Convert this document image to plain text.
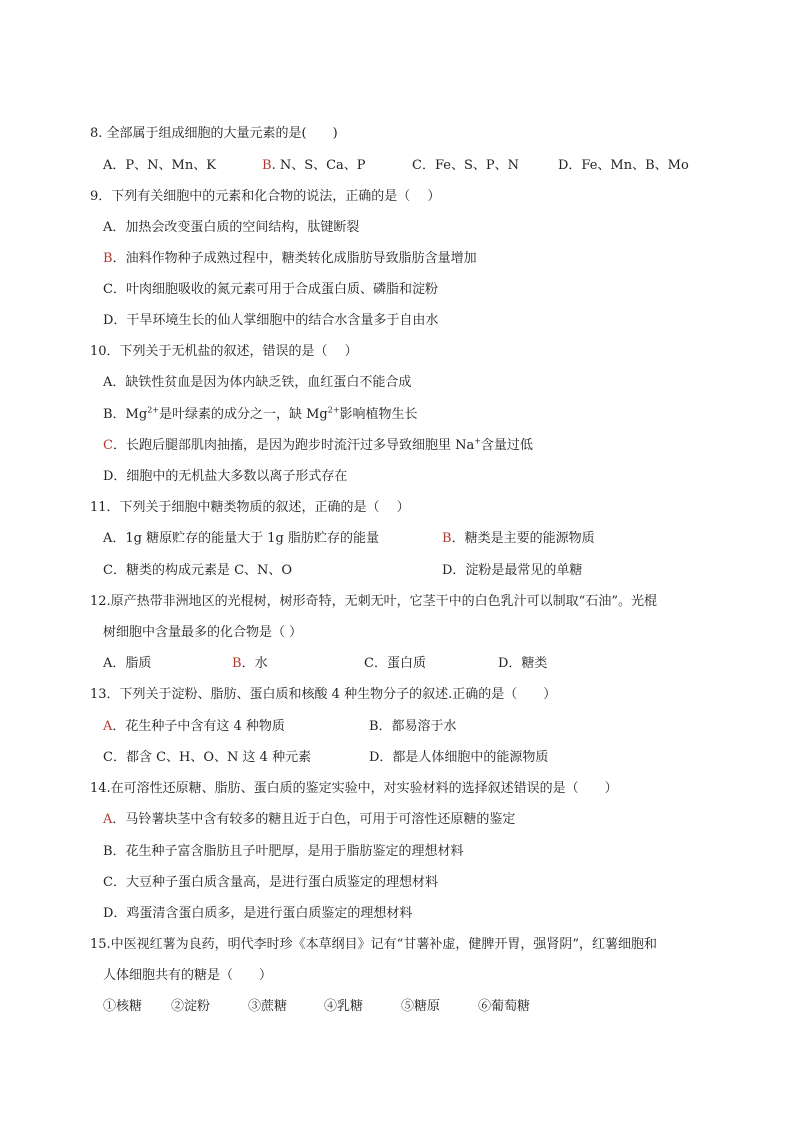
8. 全部属于组成细胞的大量元素的是(　　)
A．P、N、Mn、K	B. N、S、Ca、P	C．Fe、S、P、N	D．Fe、Mn、B、Mo
9．下列有关细胞中的元素和化合物的说法，正确的是（　 ）
A．加热会改变蛋白质的空间结构，肽键断裂
B．油料作物种子成熟过程中，糖类转化成脂肪导致脂肪含量增加
C．叶肉细胞吸收的氮元素可用于合成蛋白质、磷脂和淀粉
D．干旱环境生长的仙人掌细胞中的结合水含量多于自由水
10．下列关于无机盐的叙述，错误的是（　 ）
A．缺铁性贫血是因为体内缺乏铁，血红蛋白不能合成
B．$Mg^{2+}$是叶绿素的成分之一，缺 $Mg^{2+}$影响植物生长
C．长跑后腿部肌肉抽搐，是因为跑步时流汗过多导致细胞里 Na+含量过低
D．细胞中的无机盐大多数以离子形式存在
11．下列关于细胞中糖类物质的叙述，正确的是（　 ）
A．1g 糖原贮存的能量大于 1g 脂肪贮存的能量	B．糖类是主要的能源物质
C．糖类的构成元素是 C、N、O	D．淀粉是最常见的单糖
12.原产热带非洲地区的光棍树，树形奇特，无刺无叶，它茎干中的白色乳汁可以制取“石油”。光棍
树细胞中含量最多的化合物是（ ）
A．脂质	B．水	C．蛋白质	D．糖类
13．下列关于淀粉、脂肪、蛋白质和核酸 4 种生物分子的叙述.正确的是（　　）
A．花生种子中含有这 4 种物质	B．都易溶于水
C．都含 C、H、O、N 这 4 种元素	D．都是人体细胞中的能源物质
14.在可溶性还原糖、脂肪、蛋白质的鉴定实验中，对实验材料的选择叙述错误的是（　　）
A．马铃薯块茎中含有较多的糖且近于白色，可用于可溶性还原糖的鉴定
B．花生种子富含脂肪且子叶肥厚，是用于脂肪鉴定的理想材料
C．大豆种子蛋白质含量高，是进行蛋白质鉴定的理想材料
D．鸡蛋清含蛋白质多，是进行蛋白质鉴定的理想材料
15.中医视红薯为良药，明代李时珍《本草纲目》记有“甘薯补虚，健脾开胃，强肾阴”，红薯细胞和
人体细胞共有的糖是（　　）
①核糖 ②淀粉	③蔗糖	④乳糖	⑤糖原	⑥葡萄糖
